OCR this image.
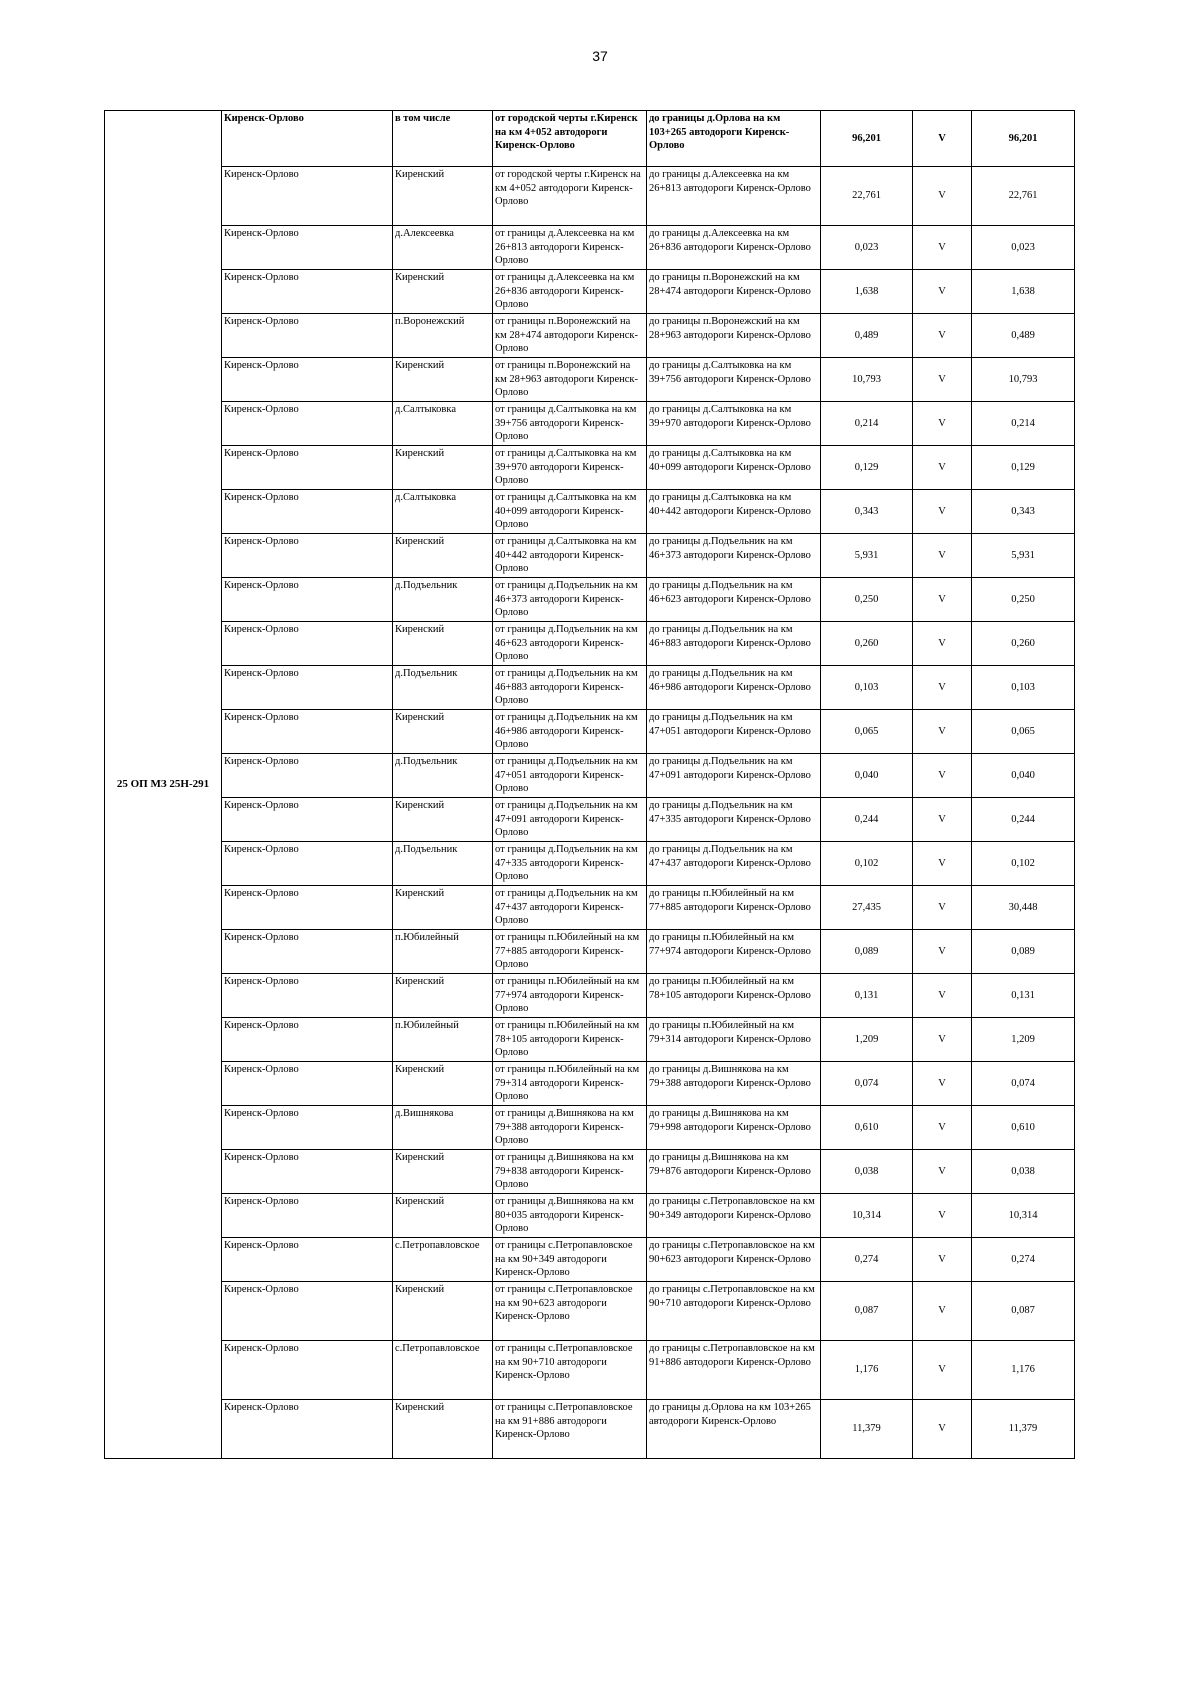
37
25 ОП МЗ 25Н-291	Киренск-Орлово	в том числе	от городской черты г.Киренск на км 4+052 автодороги Киренск-Орлово	до границы д.Орлова на км 103+265 автодороги Киренск-Орлово	96,201	V	96,201
	Киренск-Орлово	Киренский	от городской черты г.Киренск на км 4+052 автодороги Киренск-Орлово	до границы д.Алексеевка на км 26+813 автодороги Киренск-Орлово	22,761	V	22,761
	Киренск-Орлово	д.Алексеевка	от границы д.Алексеевка на км 26+813 автодороги Киренск-Орлово	до границы д.Алексеевка на км 26+836 автодороги Киренск-Орлово	0,023	V	0,023
	Киренск-Орлово	Киренский	от границы д.Алексеевка на км 26+836 автодороги Киренск-Орлово	до границы п.Воронежский на км 28+474 автодороги Киренск-Орлово	1,638	V	1,638
	Киренск-Орлово	п.Воронежский	от границы п.Воронежский на км 28+474 автодороги Киренск-Орлово	до границы п.Воронежский на км 28+963 автодороги Киренск-Орлово	0,489	V	0,489
	Киренск-Орлово	Киренский	от границы п.Воронежский на км 28+963 автодороги Киренск-Орлово	до границы д.Салтыковка на км 39+756 автодороги Киренск-Орлово	10,793	V	10,793
	Киренск-Орлово	д.Салтыковка	от границы д.Салтыковка на км 39+756 автодороги Киренск-Орлово	до границы д.Салтыковка на км 39+970 автодороги Киренск-Орлово	0,214	V	0,214
	Киренск-Орлово	Киренский	от границы д.Салтыковка на км 39+970 автодороги Киренск-Орлово	до границы д.Салтыковка на км 40+099 автодороги Киренск-Орлово	0,129	V	0,129
	Киренск-Орлово	д.Салтыковка	от границы д.Салтыковка на км 40+099 автодороги Киренск-Орлово	до границы д.Салтыковка на км 40+442 автодороги Киренск-Орлово	0,343	V	0,343
	Киренск-Орлово	Киренский	от границы д.Салтыковка на км 40+442 автодороги Киренск-Орлово	до границы д.Подъельник на км 46+373 автодороги Киренск-Орлово	5,931	V	5,931
	Киренск-Орлово	д.Подъельник	от границы д.Подъельник на км 46+373 автодороги Киренск-Орлово	до границы д.Подъельник на км 46+623 автодороги Киренск-Орлово	0,250	V	0,250
	Киренск-Орлово	Киренский	от границы д.Подъельник на км 46+623 автодороги Киренск-Орлово	до границы д.Подъельник на км 46+883 автодороги Киренск-Орлово	0,260	V	0,260
	Киренск-Орлово	д.Подъельник	от границы д.Подъельник на км 46+883 автодороги Киренск-Орлово	до границы д.Подъельник на км 46+986 автодороги Киренск-Орлово	0,103	V	0,103
	Киренск-Орлово	Киренский	от границы д.Подъельник на км 46+986 автодороги Киренск-Орлово	до границы д.Подъельник на км 47+051 автодороги Киренск-Орлово	0,065	V	0,065
	Киренск-Орлово	д.Подъельник	от границы д.Подъельник на км 47+051 автодороги Киренск-Орлово	до границы д.Подъельник на км 47+091 автодороги Киренск-Орлово	0,040	V	0,040
	Киренск-Орлово	Киренский	от границы д.Подъельник на км 47+091 автодороги Киренск-Орлово	до границы д.Подъельник на км 47+335 автодороги Киренск-Орлово	0,244	V	0,244
	Киренск-Орлово	д.Подъельник	от границы д.Подъельник на км 47+335 автодороги Киренск-Орлово	до границы д.Подъельник на км 47+437 автодороги Киренск-Орлово	0,102	V	0,102
	Киренск-Орлово	Киренский	от границы д.Подъельник на км 47+437 автодороги Киренск-Орлово	до границы п.Юбилейный на км 77+885 автодороги Киренск-Орлово	27,435	V	30,448
	Киренск-Орлово	п.Юбилейный	от границы п.Юбилейный на км 77+885 автодороги Киренск-Орлово	до границы п.Юбилейный на км 77+974 автодороги Киренск-Орлово	0,089	V	0,089
	Киренск-Орлово	Киренский	от границы п.Юбилейный на км 77+974 автодороги Киренск-Орлово	до границы п.Юбилейный на км 78+105 автодороги Киренск-Орлово	0,131	V	0,131
	Киренск-Орлово	п.Юбилейный	от границы п.Юбилейный на км 78+105 автодороги Киренск-Орлово	до границы п.Юбилейный на км 79+314 автодороги Киренск-Орлово	1,209	V	1,209
	Киренск-Орлово	Киренский	от границы п.Юбилейный на км 79+314 автодороги Киренск-Орлово	до границы д.Вишнякова на км 79+388 автодороги Киренск-Орлово	0,074	V	0,074
	Киренск-Орлово	д.Вишнякова	от границы д.Вишнякова на км 79+388 автодороги Киренск-Орлово	до границы д.Вишнякова на км 79+998 автодороги Киренск-Орлово	0,610	V	0,610
	Киренск-Орлово	Киренский	от границы д.Вишнякова на км 79+838 автодороги Киренск-Орлово	до границы д.Вишнякова на км 79+876 автодороги Киренск-Орлово	0,038	V	0,038
	Киренск-Орлово	Киренский	от границы д.Вишнякова на км 80+035 автодороги Киренск-Орлово	до границы с.Петропавловское на км 90+349 автодороги Киренск-Орлово	10,314	V	10,314
	Киренск-Орлово	с.Петропавловское	от границы с.Петропавловское на км 90+349 автодороги Киренск-Орлово	до границы с.Петропавловское на км 90+623 автодороги Киренск-Орлово	0,274	V	0,274
	Киренск-Орлово	Киренский	от границы с.Петропавловское на км 90+623 автодороги Киренск-Орлово	до границы с.Петропавловское на км 90+710 автодороги Киренск-Орлово	0,087	V	0,087
	Киренск-Орлово	с.Петропавловское	от границы с.Петропавловское на км 90+710 автодороги Киренск-Орлово	до границы с.Петропавловское на км 91+886 автодороги Киренск-Орлово	1,176	V	1,176
	Киренск-Орлово	Киренский	от границы с.Петропавловское на км 91+886 автодороги Киренск-Орлово	до границы д.Орлова на км 103+265 автодороги Киренск-Орлово	11,379	V	11,379
